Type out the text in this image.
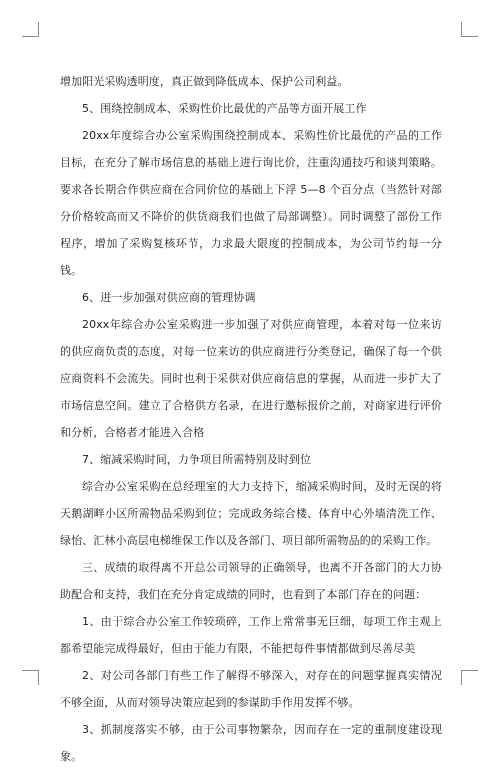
增加阳光采购透明度，真正做到降低成本、保护公司利益。

5、围绕控制成本、采购性价比最优的产品等方面开展工作

20xx年度综合办公室采购围绕控制成本、采购性价比最优的产品的工作目标，在充分了解市场信息的基础上进行询比价，注重沟通技巧和谈判策略。要求各长期合作供应商在合同价位的基础上下浮 5—8 个百分点（当然针对部分价格较高而又不降价的供货商我们也做了局部调整）。同时调整了部份工作程序，增加了采购复核环节，力求最大限度的控制成本，为公司节约每一分钱。

6、进一步加强对供应商的管理协调

20xx年综合办公室采购进一步加强了对供应商管理，本着对每一位来访的供应商负责的态度，对每一位来访的供应商进行分类登记，确保了每一个供应商资料不会流失。同时也利于采供对供应商信息的掌握，从而进一步扩大了市场信息空间。建立了合格供方名录，在进行邀标报价之前，对商家进行评价和分析，合格者才能进入合格

7、缩减采购时间，力争项目所需特别及时到位

综合办公室采购在总经理室的大力支持下，缩减采购时间，及时无误的将天鹅湖畔小区所需物品采购到位；完成政务综合楼、体育中心外墙清洗工作、绿怡、汇林小高层电梯维保工作以及各部门、项目部所需物品的的采购工作。

三、成绩的取得离不开总公司领导的正确领导，也离不开各部门的大力协助配合和支持，我们在充分肯定成绩的同时，也看到了本部门存在的问题：

1、由于综合办公室工作较琐碎，工作上常常事无巨细，每项工作主观上都希望能完成得最好，但由于能力有限，不能把每件事情都做到尽善尽美

2、对公司各部门有些工作了解得不够深入，对存在的问题掌握真实情况不够全面，从而对领导决策应起到的参谋助手作用发挥不够。

3、抓制度落实不够，由于公司事物繁杂，因而存在一定的重制度建设现象。
